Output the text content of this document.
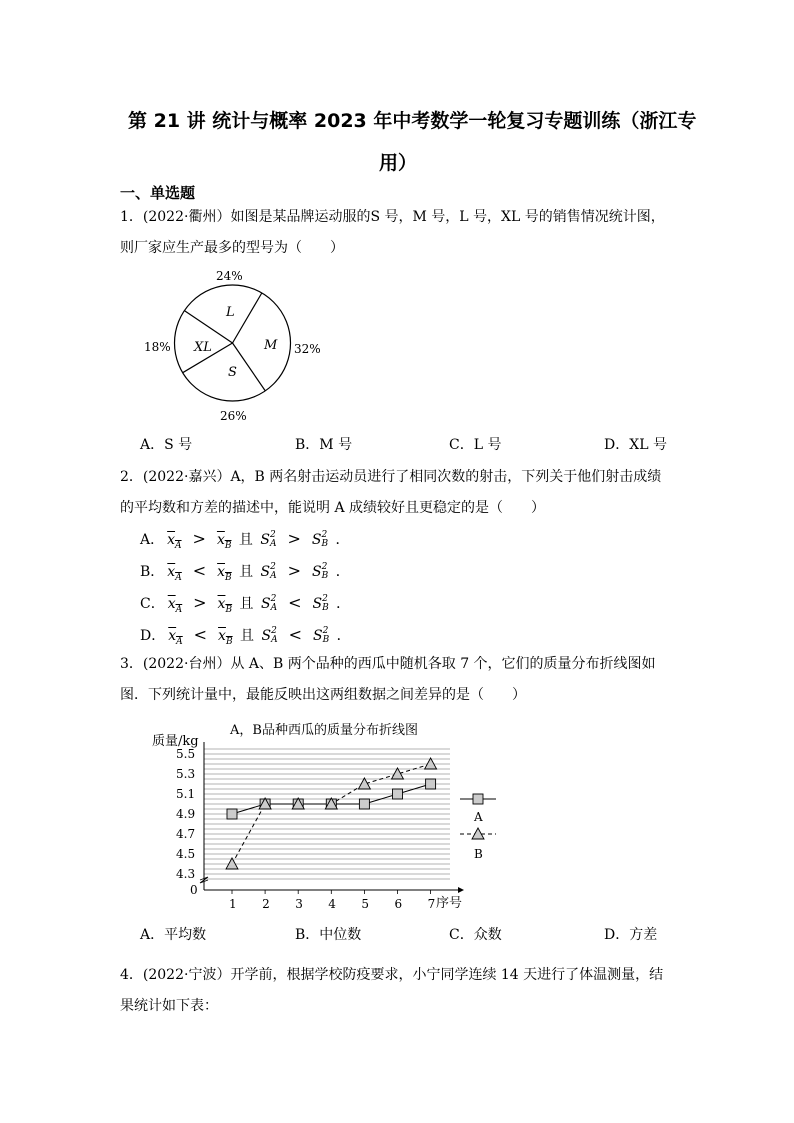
第 21 讲 统计与概率 2023 年中考数学一轮复习专题训练（浙江专
用）
一、单选题
1．(2022·衢州）如图是某品牌运动服的S 号，M 号，L 号，XL 号的销售情况统计图，
则厂家应生产最多的型号为（　　）
L
24%
M 32%
S
26%
XL
18%
A．S 号	B．M 号	C．L 号	D．XL 号
2．(2022·嘉兴）A，B 两名射击运动员进行了相同次数的射击，下列关于他们射击成绩
的平均数和方差的描述中，能说明 A 成绩较好且更稳定的是（　　）
A． $x_A > x_B$ 且 S 2
A > S 2
B ．
B． $x_A < x_B$ 且 S 2
A > S 2
B ．
C． $x_A > x_B$ 且 S 2
A < S 2
B ．
D． $x_A < x_B$ 且 S 2
A < S 2
B ．
3．(2022·台州）从 A、B 两个品种的西瓜中随机各取 7 个，它们的质量分布折线图如
图．下列统计量中，最能反映出这两组数据之间差异的是（　　）
A，B品种西瓜的质量分布折线图
质量/kg
0
4.3
4.5
4.7
4.9
5.1
5.3
5.5
1 2 3 4 5 6 7 序号
A
B
A．平均数	B．中位数	C．众数	D．方差
4．(2022·宁波）开学前，根据学校防疫要求，小宁同学连续 14 天进行了体温测量，结
果统计如下表：
